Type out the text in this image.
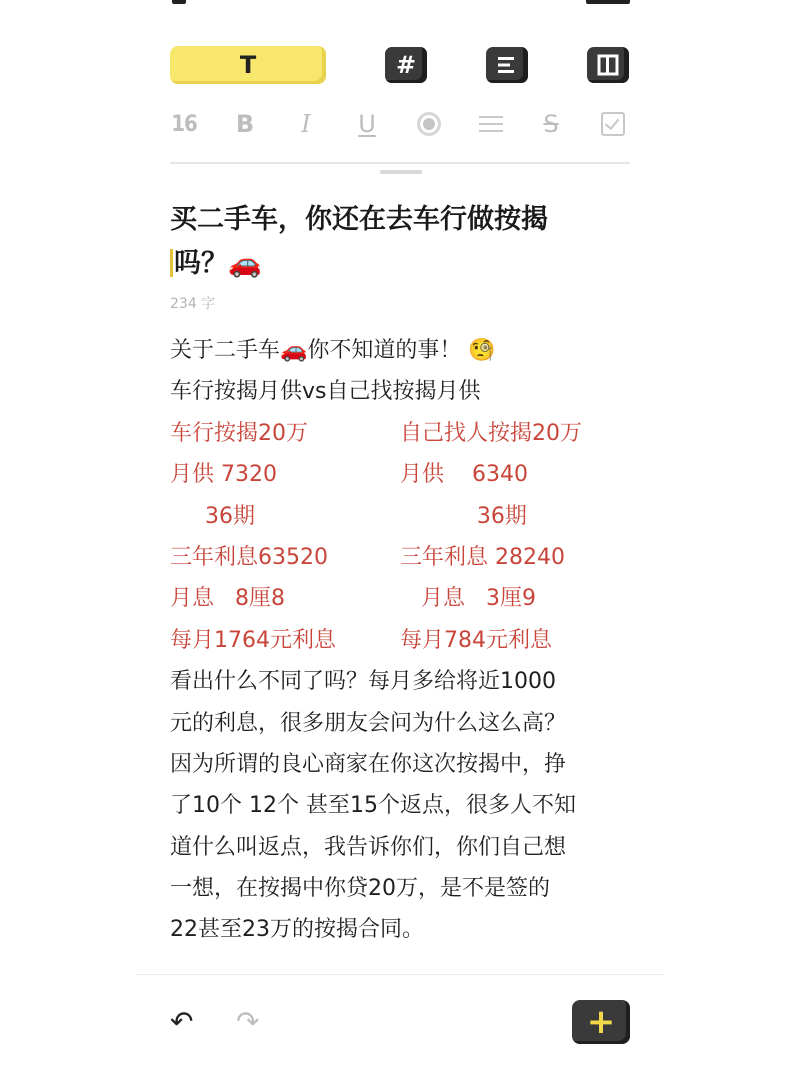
T	#
16 B	I	U	S
买二手车，你还在去车行做按揭
吗？🚗
234 字
关于二手车🚗你不知道的事！ 🧐
车行按揭月供vs自己找按揭月供
车行按揭20万	自己找人按揭20万
月供 7320	月供    6340
36期	36期
三年利息63520	三年利息 28240
月息   8厘8	月息   3厘9
每月1764元利息	每月784元利息
看出什么不同了吗？每月多给将近1000
元的利息，很多朋友会问为什么这么高？
因为所谓的良心商家在你这次按揭中，挣
了10个 12个 甚至15个返点，很多人不知
道什么叫返点，我告诉你们，你们自己想
一想，在按揭中你贷20万，是不是签的
22甚至23万的按揭合同。
↶ ↷	+
